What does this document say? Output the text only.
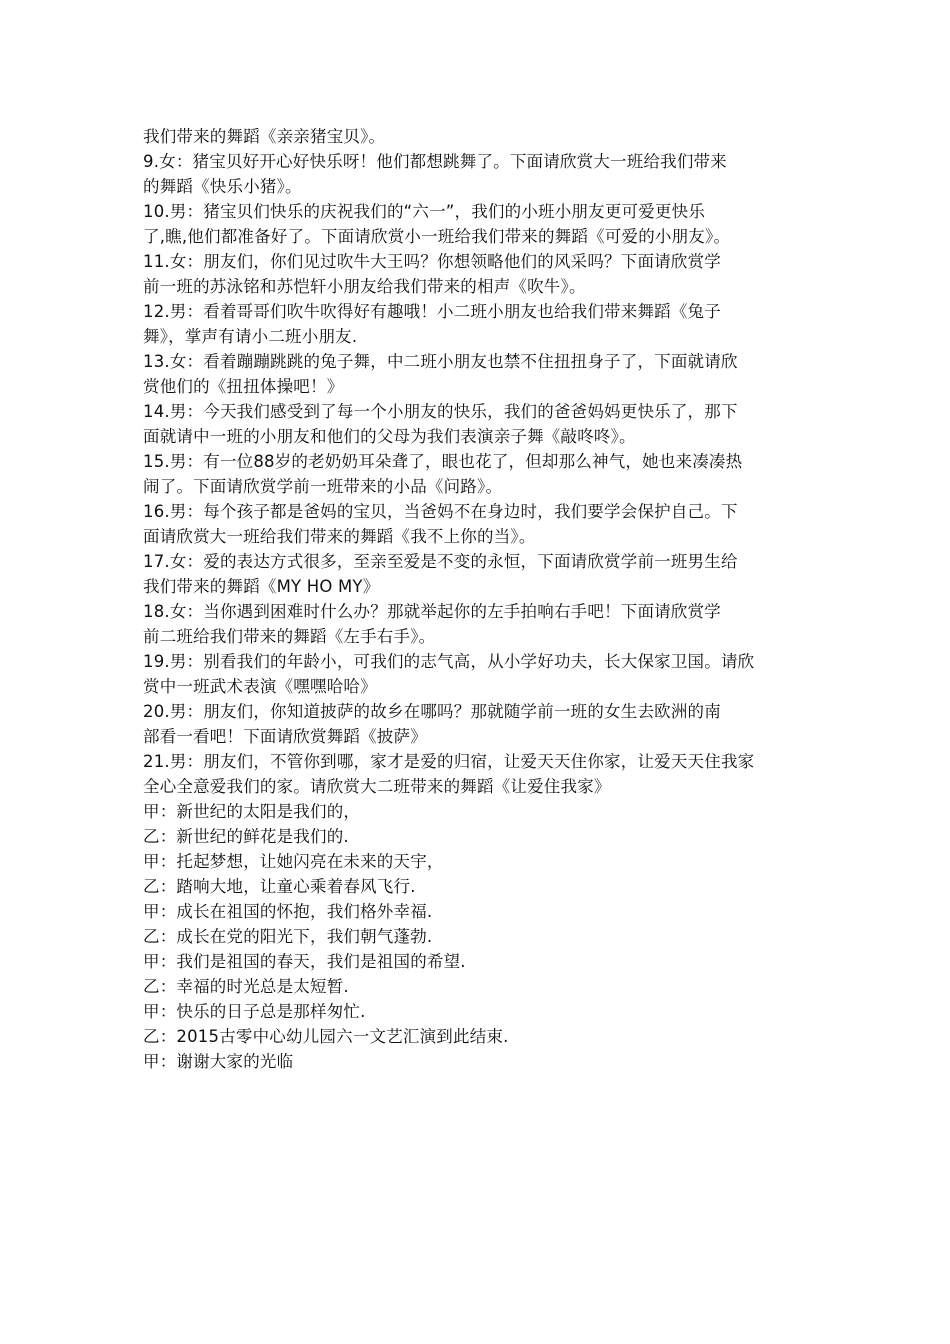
我们带来的舞蹈《亲亲猪宝贝》。
9.女：猪宝贝好开心好快乐呀！他们都想跳舞了。下面请欣赏大一班给我们带来
的舞蹈《快乐小猪》。
10.男：猪宝贝们快乐的庆祝我们的“六一”，我们的小班小朋友更可爱更快乐
了,瞧,他们都准备好了。下面请欣赏小一班给我们带来的舞蹈《可爱的小朋友》。
11.女：朋友们，你们见过吹牛大王吗？你想领略他们的风采吗？下面请欣赏学
前一班的苏泳铭和苏恺轩小朋友给我们带来的相声《吹牛》。
12.男：看着哥哥们吹牛吹得好有趣哦！小二班小朋友也给我们带来舞蹈《兔子
舞》，掌声有请小二班小朋友.
13.女：看着蹦蹦跳跳的兔子舞，中二班小朋友也禁不住扭扭身子了，下面就请欣
赏他们的《扭扭体操吧！》
14.男：今天我们感受到了每一个小朋友的快乐，我们的爸爸妈妈更快乐了，那下
面就请中一班的小朋友和他们的父母为我们表演亲子舞《敲咚咚》。
15.男：有一位88岁的老奶奶耳朵聋了，眼也花了，但却那么神气，她也来凑凑热
闹了。下面请欣赏学前一班带来的小品《问路》。
16.男：每个孩子都是爸妈的宝贝，当爸妈不在身边时，我们要学会保护自己。下
面请欣赏大一班给我们带来的舞蹈《我不上你的当》。
17.女：爱的表达方式很多，至亲至爱是不变的永恒，下面请欣赏学前一班男生给
我们带来的舞蹈《MY HO MY》
18.女：当你遇到困难时什么办？那就举起你的左手拍响右手吧！下面请欣赏学
前二班给我们带来的舞蹈《左手右手》。
19.男：别看我们的年龄小，可我们的志气高，从小学好功夫，长大保家卫国。请欣
赏中一班武术表演《嘿嘿哈哈》
20.男：朋友们，你知道披萨的故乡在哪吗？那就随学前一班的女生去欧洲的南
部看一看吧！下面请欣赏舞蹈《披萨》
21.男：朋友们，不管你到哪，家才是爱的归宿，让爱天天住你家，让爱天天住我家
全心全意爱我们的家。请欣赏大二班带来的舞蹈《让爱住我家》
甲：新世纪的太阳是我们的，
乙：新世纪的鲜花是我们的.
甲：托起梦想，让她闪亮在未来的天宇，
乙：踏响大地，让童心乘着春风飞行.
甲：成长在祖国的怀抱，我们格外幸福.
乙：成长在党的阳光下，我们朝气蓬勃.
甲：我们是祖国的春天，我们是祖国的希望.
乙：幸福的时光总是太短暂.
甲：快乐的日子总是那样匆忙.
乙：2015古零中心幼儿园六一文艺汇演到此结束.
甲：谢谢大家的光临
